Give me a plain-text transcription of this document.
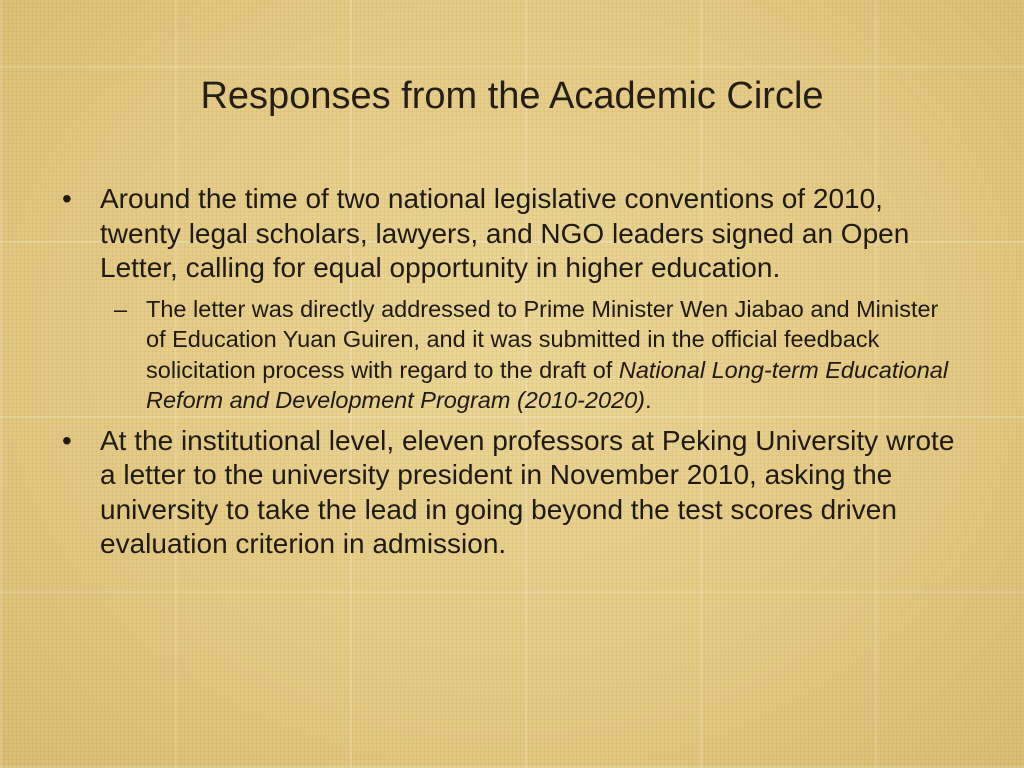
Responses from the Academic Circle
•	Around the time of two national legislative conventions of 2010, twenty legal scholars, lawyers, and NGO leaders signed an Open Letter, calling for equal opportunity in higher education.
– The letter was directly addressed to Prime Minister Wen Jiabao and Minister of Education Yuan Guiren, and it was submitted in the official feedback solicitation process with regard to the draft of National Long-term Educational Reform and Development Program (2010-2020).
•	At the institutional level, eleven professors at Peking University wrote a letter to the university president in November 2010, asking the university to take the lead in going beyond the test scores driven evaluation criterion in admission.
